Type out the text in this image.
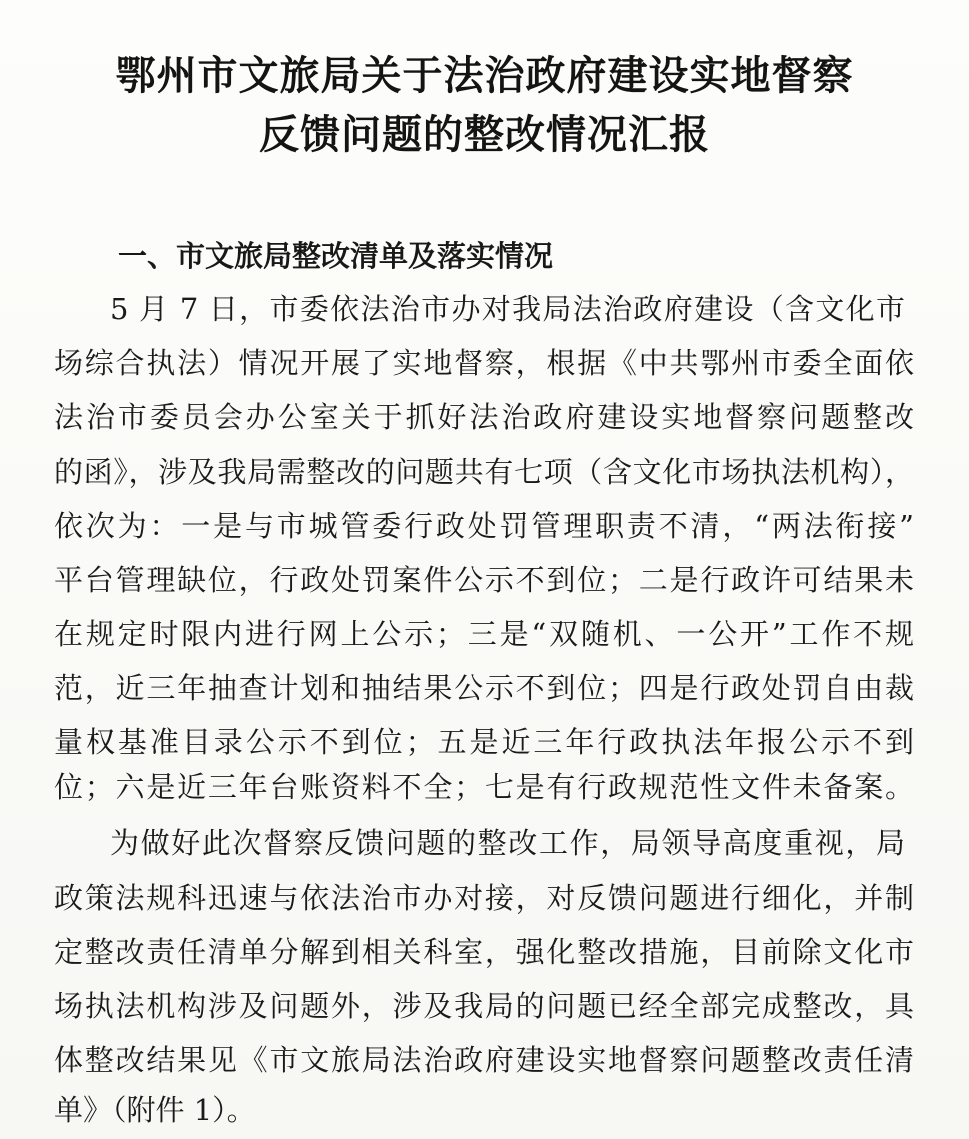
鄂州市文旅局关于法治政府建设实地督察
反馈问题的整改情况汇报
一、市文旅局整改清单及落实情况
5 月 7 日，市委依法治市办对我局法治政府建设（含文化市
场综合执法）情况开展了实地督察，根据《中共鄂州市委全面依
法治市委员会办公室关于抓好法治政府建设实地督察问题整改
的函》，涉及我局需整改的问题共有七项（含文化市场执法机构），
依次为：一是与市城管委行政处罚管理职责不清，“两法衔接”
平台管理缺位，行政处罚案件公示不到位；二是行政许可结果未
在规定时限内进行网上公示；三是“双随机、一公开”工作不规
范，近三年抽查计划和抽结果公示不到位；四是行政处罚自由裁
量权基准目录公示不到位；五是近三年行政执法年报公示不到
位；六是近三年台账资料不全；七是有行政规范性文件未备案。
为做好此次督察反馈问题的整改工作，局领导高度重视，局
政策法规科迅速与依法治市办对接，对反馈问题进行细化，并制
定整改责任清单分解到相关科室，强化整改措施，目前除文化市
场执法机构涉及问题外，涉及我局的问题已经全部完成整改，具
体整改结果见《市文旅局法治政府建设实地督察问题整改责任清
单》（附件 1）。
